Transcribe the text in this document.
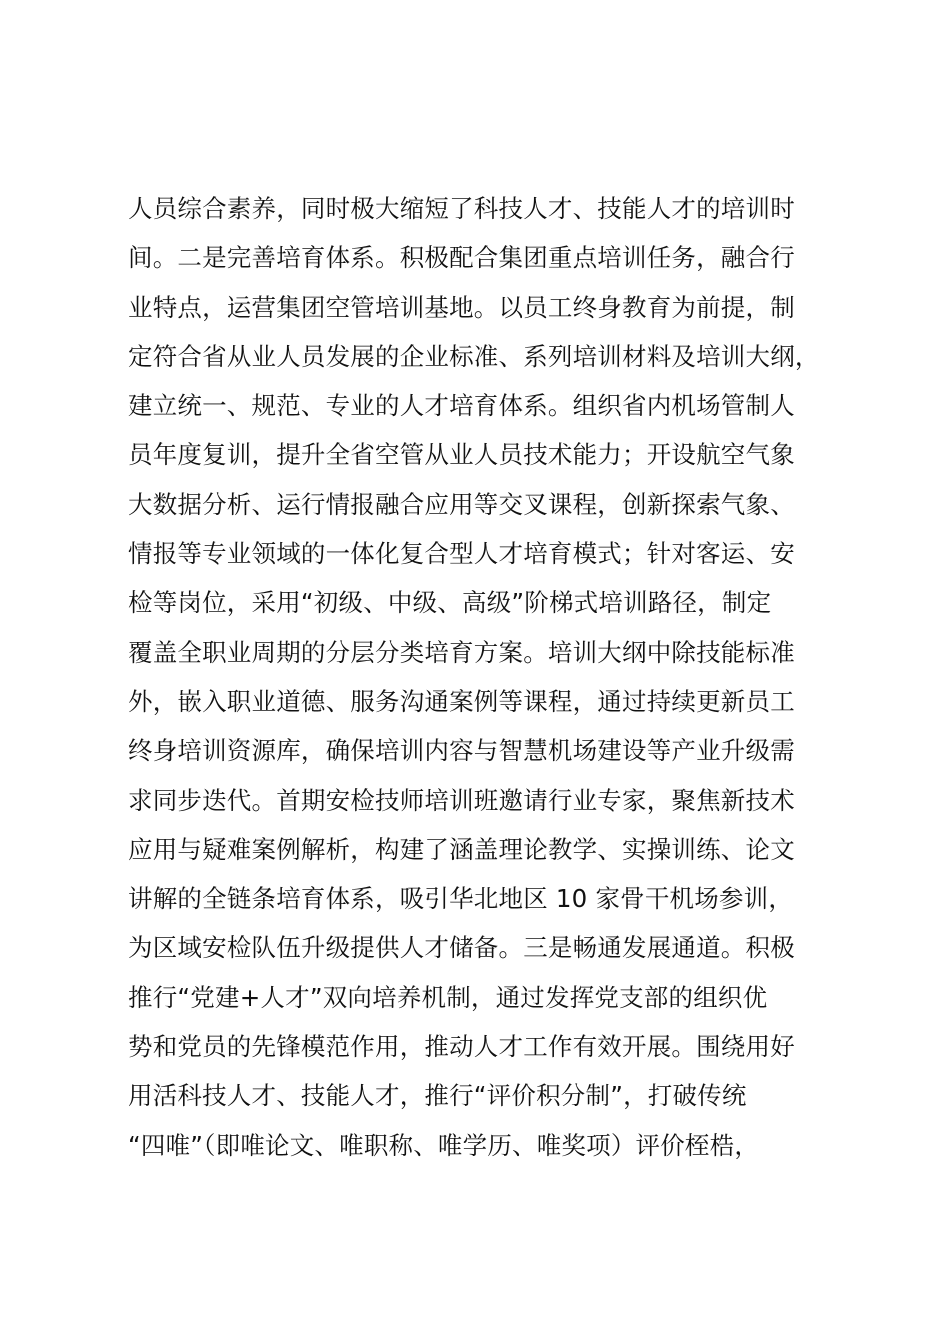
人员综合素养，同时极大缩短了科技人才、技能人才的培训时
间。二是完善培育体系。积极配合集团重点培训任务，融合行
业特点，运营集团空管培训基地。以员工终身教育为前提，制
定符合省从业人员发展的企业标准、系列培训材料及培训大纲，
建立统一、规范、专业的人才培育体系。组织省内机场管制人
员年度复训，提升全省空管从业人员技术能力；开设航空气象
大数据分析、运行情报融合应用等交叉课程，创新探索气象、
情报等专业领域的一体化复合型人才培育模式；针对客运、安
检等岗位，采用“初级、中级、高级”阶梯式培训路径，制定
覆盖全职业周期的分层分类培育方案。培训大纲中除技能标准
外，嵌入职业道德、服务沟通案例等课程，通过持续更新员工
终身培训资源库，确保培训内容与智慧机场建设等产业升级需
求同步迭代。首期安检技师培训班邀请行业专家，聚焦新技术
应用与疑难案例解析，构建了涵盖理论教学、实操训练、论文
讲解的全链条培育体系，吸引华北地区 10 家骨干机场参训，
为区域安检队伍升级提供人才储备。三是畅通发展通道。积极
推行“党建+人才”双向培养机制，通过发挥党支部的组织优
势和党员的先锋模范作用，推动人才工作有效开展。围绕用好
用活科技人才、技能人才，推行“评价积分制”，打破传统
“四唯”（即唯论文、唯职称、唯学历、唯奖项）评价桎梏，
